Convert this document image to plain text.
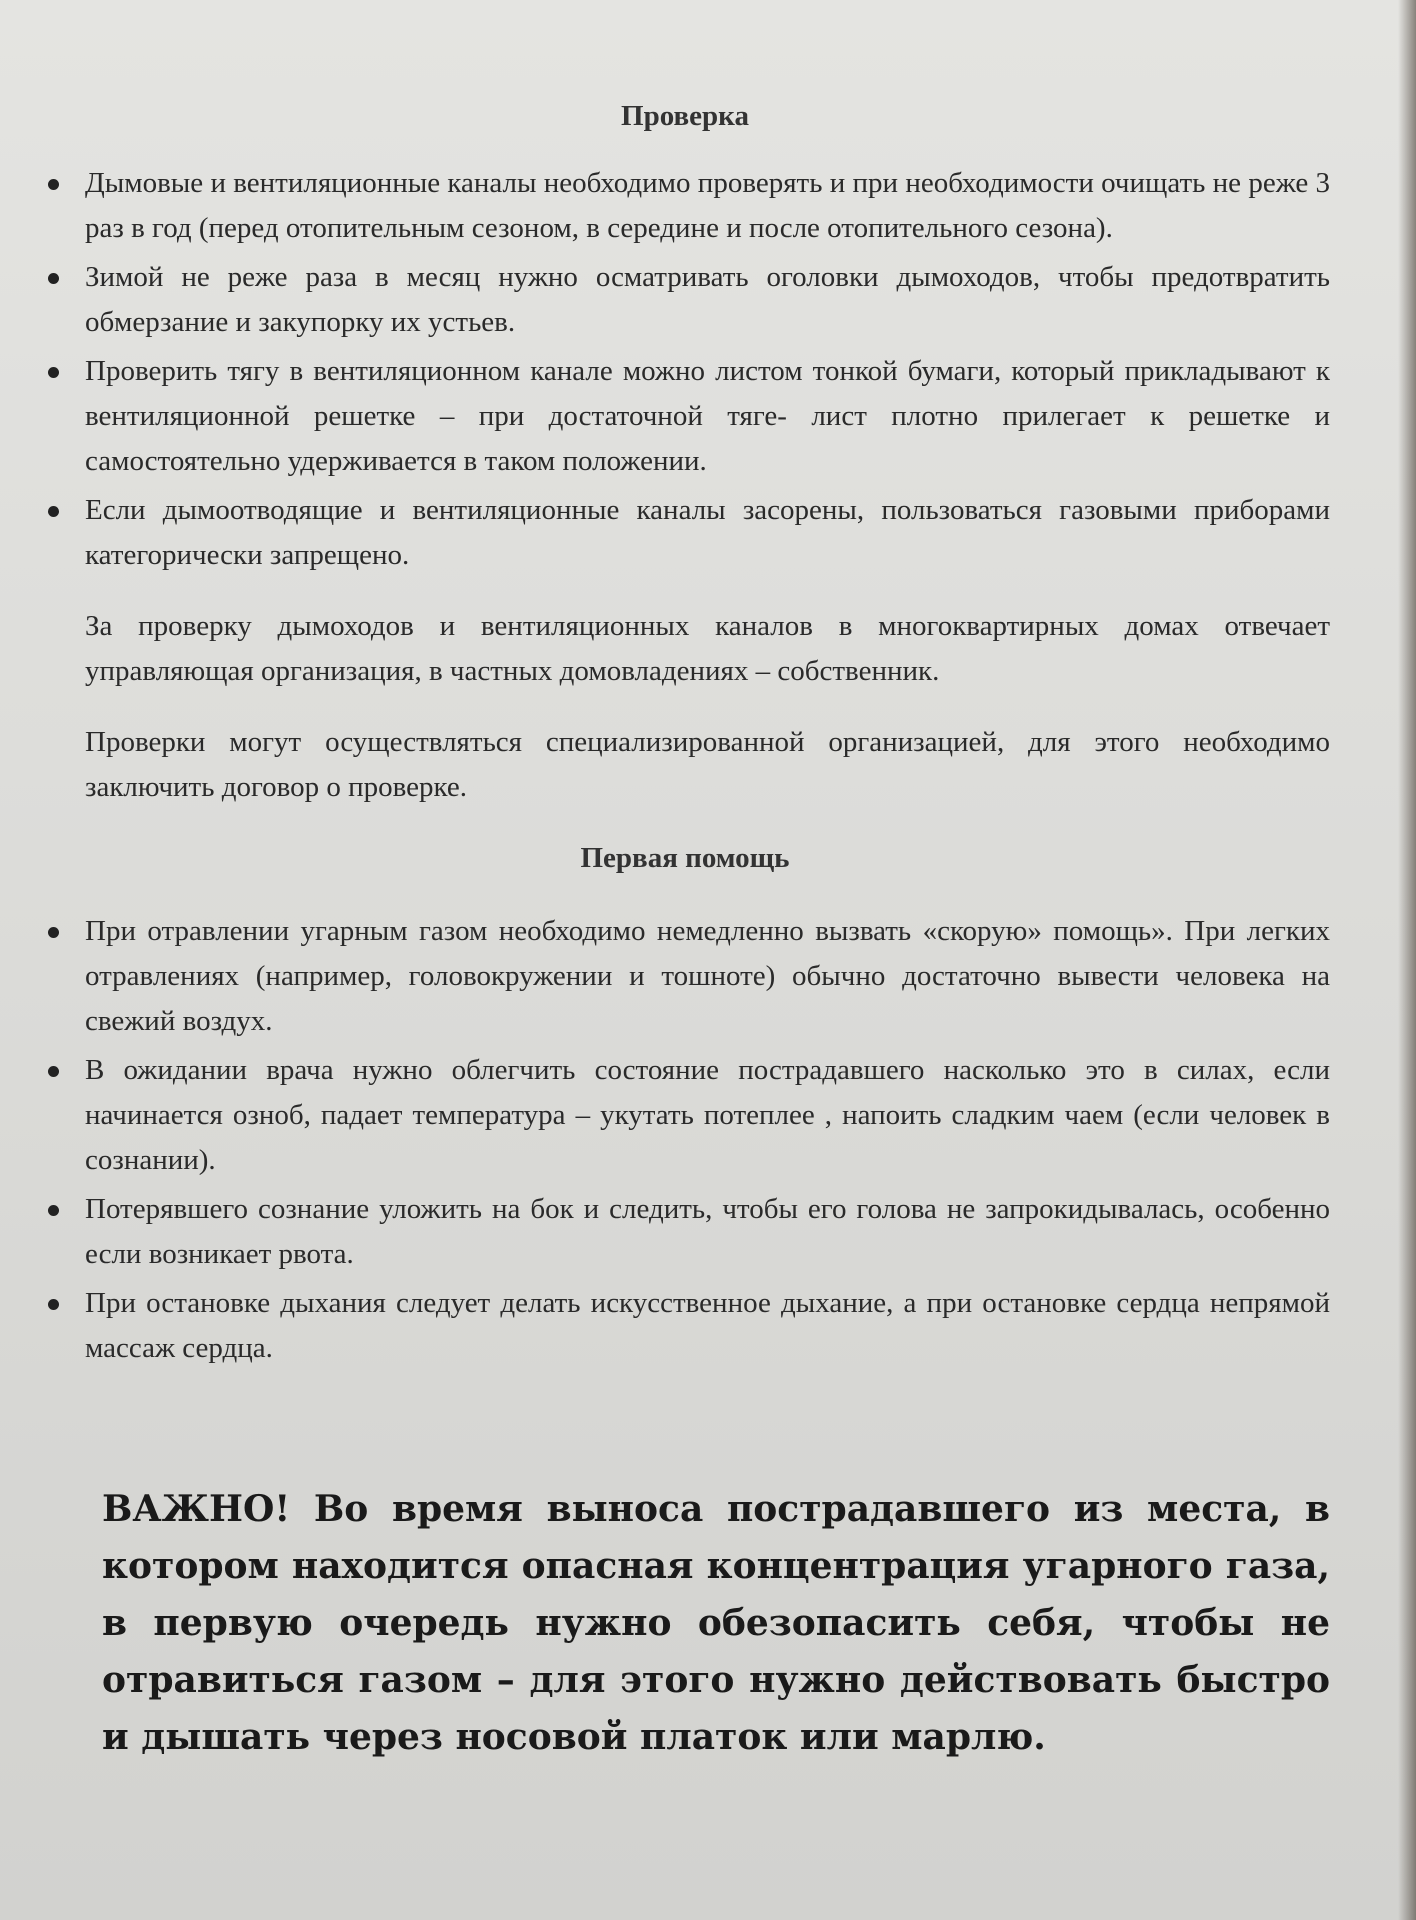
Проверка
Дымовые и вентиляционные каналы необходимо проверять и при необходимости очищать не реже 3 раз в год (перед отопительным сезоном, в середине и после отопительного сезона).
Зимой не реже раза в месяц нужно осматривать оголовки дымоходов, чтобы предотвратить обмерзание и закупорку их устьев.
Проверить тягу в вентиляционном канале можно листом тонкой бумаги, который прикладывают к вентиляционной решетке – при достаточной тяге- лист плотно прилегает к решетке и самостоятельно удерживается в таком положении.
Если дымоотводящие и вентиляционные каналы засорены, пользоваться газовыми приборами категорически запрещено.

За проверку дымоходов и вентиляционных каналов в многоквартирных домах отвечает управляющая организация, в частных домовладениях – собственник.

Проверки могут осуществляться специализированной организацией, для этого необходимо заключить договор о проверке.

Первая помощь
При отравлении угарным газом необходимо немедленно вызвать «скорую» помощь». При легких отравлениях (например, головокружении и тошноте) обычно достаточно вывести человека на свежий воздух.
В ожидании врача нужно облегчить состояние пострадавшего насколько это в силах, если начинается озноб, падает температура – укутать потеплее , напоить сладким чаем (если человек в сознании).
Потерявшего сознание уложить на бок и следить, чтобы его голова не запрокидывалась, особенно если возникает рвота.
При остановке дыхания следует делать искусственное дыхание, а при остановке сердца непрямой массаж сердца.

ВАЖНО! Во время выноса пострадавшего из места, в котором находится опасная концентрация угарного газа, в первую очередь нужно обезопасить себя, чтобы не отравиться газом – для этого нужно действовать быстро и дышать через носовой платок или марлю.
